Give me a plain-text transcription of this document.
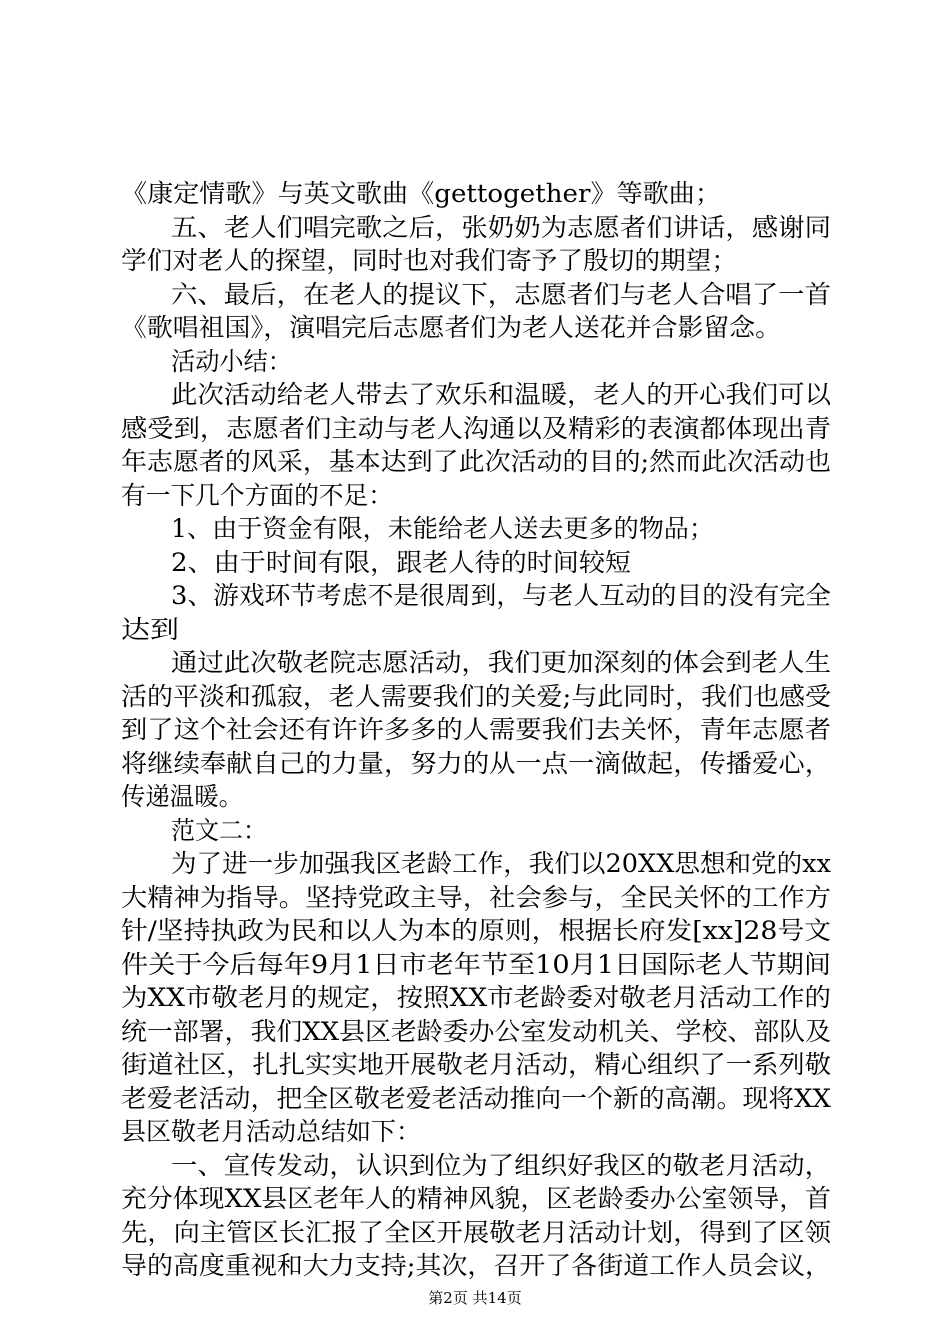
《康定情歌》与英文歌曲《gettogether》等歌曲；
五、老人们唱完歌之后，张奶奶为志愿者们讲话，感谢同
学们对老人的探望，同时也对我们寄予了殷切的期望；
六、最后，在老人的提议下，志愿者们与老人合唱了一首
《歌唱祖国》，演唱完后志愿者们为老人送花并合影留念。
活动小结：
此次活动给老人带去了欢乐和温暖，老人的开心我们可以
感受到，志愿者们主动与老人沟通以及精彩的表演都体现出青
年志愿者的风采，基本达到了此次活动的目的;然而此次活动也
有一下几个方面的不足：
1、由于资金有限，未能给老人送去更多的物品；
2、由于时间有限，跟老人待的时间较短
3、游戏环节考虑不是很周到，与老人互动的目的没有完全
达到
通过此次敬老院志愿活动，我们更加深刻的体会到老人生
活的平淡和孤寂，老人需要我们的关爱;与此同时，我们也感受
到了这个社会还有许许多多的人需要我们去关怀，青年志愿者
将继续奉献自己的力量，努力的从一点一滴做起，传播爱心，
传递温暖。
范文二：
为了进一步加强我区老龄工作，我们以20XX思想和党的xx
大精神为指导。坚持党政主导，社会参与，全民关怀的工作方
针/坚持执政为民和以人为本的原则，根据长府发[xx]28号文
件关于今后每年9月1日市老年节至10月1日国际老人节期间
为XX市敬老月的规定，按照XX市老龄委对敬老月活动工作的
统一部署，我们XX县区老龄委办公室发动机关、学校、部队及
街道社区，扎扎实实地开展敬老月活动，精心组织了一系列敬
老爱老活动，把全区敬老爱老活动推向一个新的高潮。现将XX
县区敬老月活动总结如下：
一、宣传发动，认识到位为了组织好我区的敬老月活动，
充分体现XX县区老年人的精神风貌，区老龄委办公室领导，首
先，向主管区长汇报了全区开展敬老月活动计划，得到了区领
导的高度重视和大力支持;其次，召开了各街道工作人员会议，
第2页 共14页
